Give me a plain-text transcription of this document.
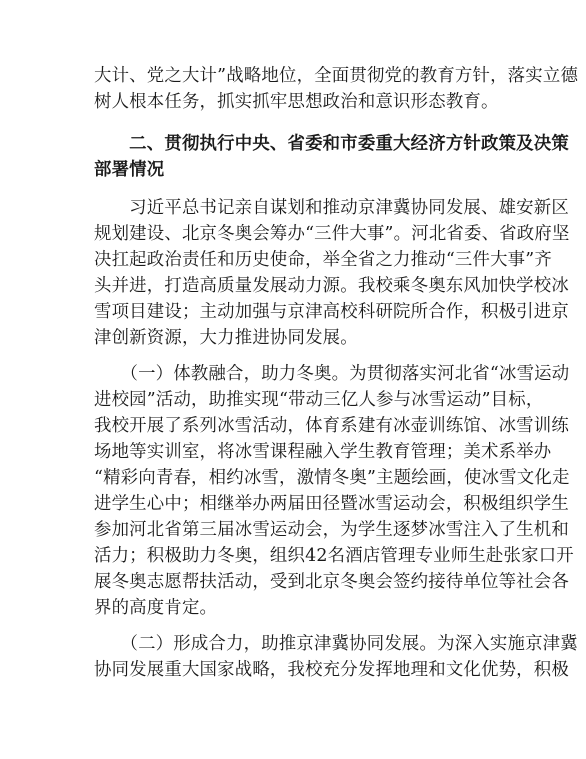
大计、党之大计”战略地位，全面贯彻党的教育方针，落实立德
树人根本任务，抓实抓牢思想政治和意识形态教育。
　　二、贯彻执行中央、省委和市委重大经济方针政策及决策
部署情况
　　习近平总书记亲自谋划和推动京津冀协同发展、雄安新区
规划建设、北京冬奥会筹办“三件大事”。河北省委、省政府坚
决扛起政治责任和历史使命，举全省之力推动“三件大事”齐
头并进，打造高质量发展动力源。我校乘冬奥东风加快学校冰
雪项目建设；主动加强与京津高校科研院所合作，积极引进京
津创新资源，大力推进协同发展。
　　（一）体教融合，助力冬奥。为贯彻落实河北省“冰雪运动
进校园”活动，助推实现“带动三亿人参与冰雪运动”目标，
我校开展了系列冰雪活动，体育系建有冰壶训练馆、冰雪训练
场地等实训室，将冰雪课程融入学生教育管理；美术系举办
“精彩向青春，相约冰雪，激情冬奥”主题绘画，使冰雪文化走
进学生心中；相继举办两届田径暨冰雪运动会，积极组织学生
参加河北省第三届冰雪运动会，为学生逐梦冰雪注入了生机和
活力；积极助力冬奥，组织42名酒店管理专业师生赴张家口开
展冬奥志愿帮扶活动，受到北京冬奥会签约接待单位等社会各
界的高度肯定。
　　（二）形成合力，助推京津冀协同发展。为深入实施京津冀
协同发展重大国家战略，我校充分发挥地理和文化优势，积极
